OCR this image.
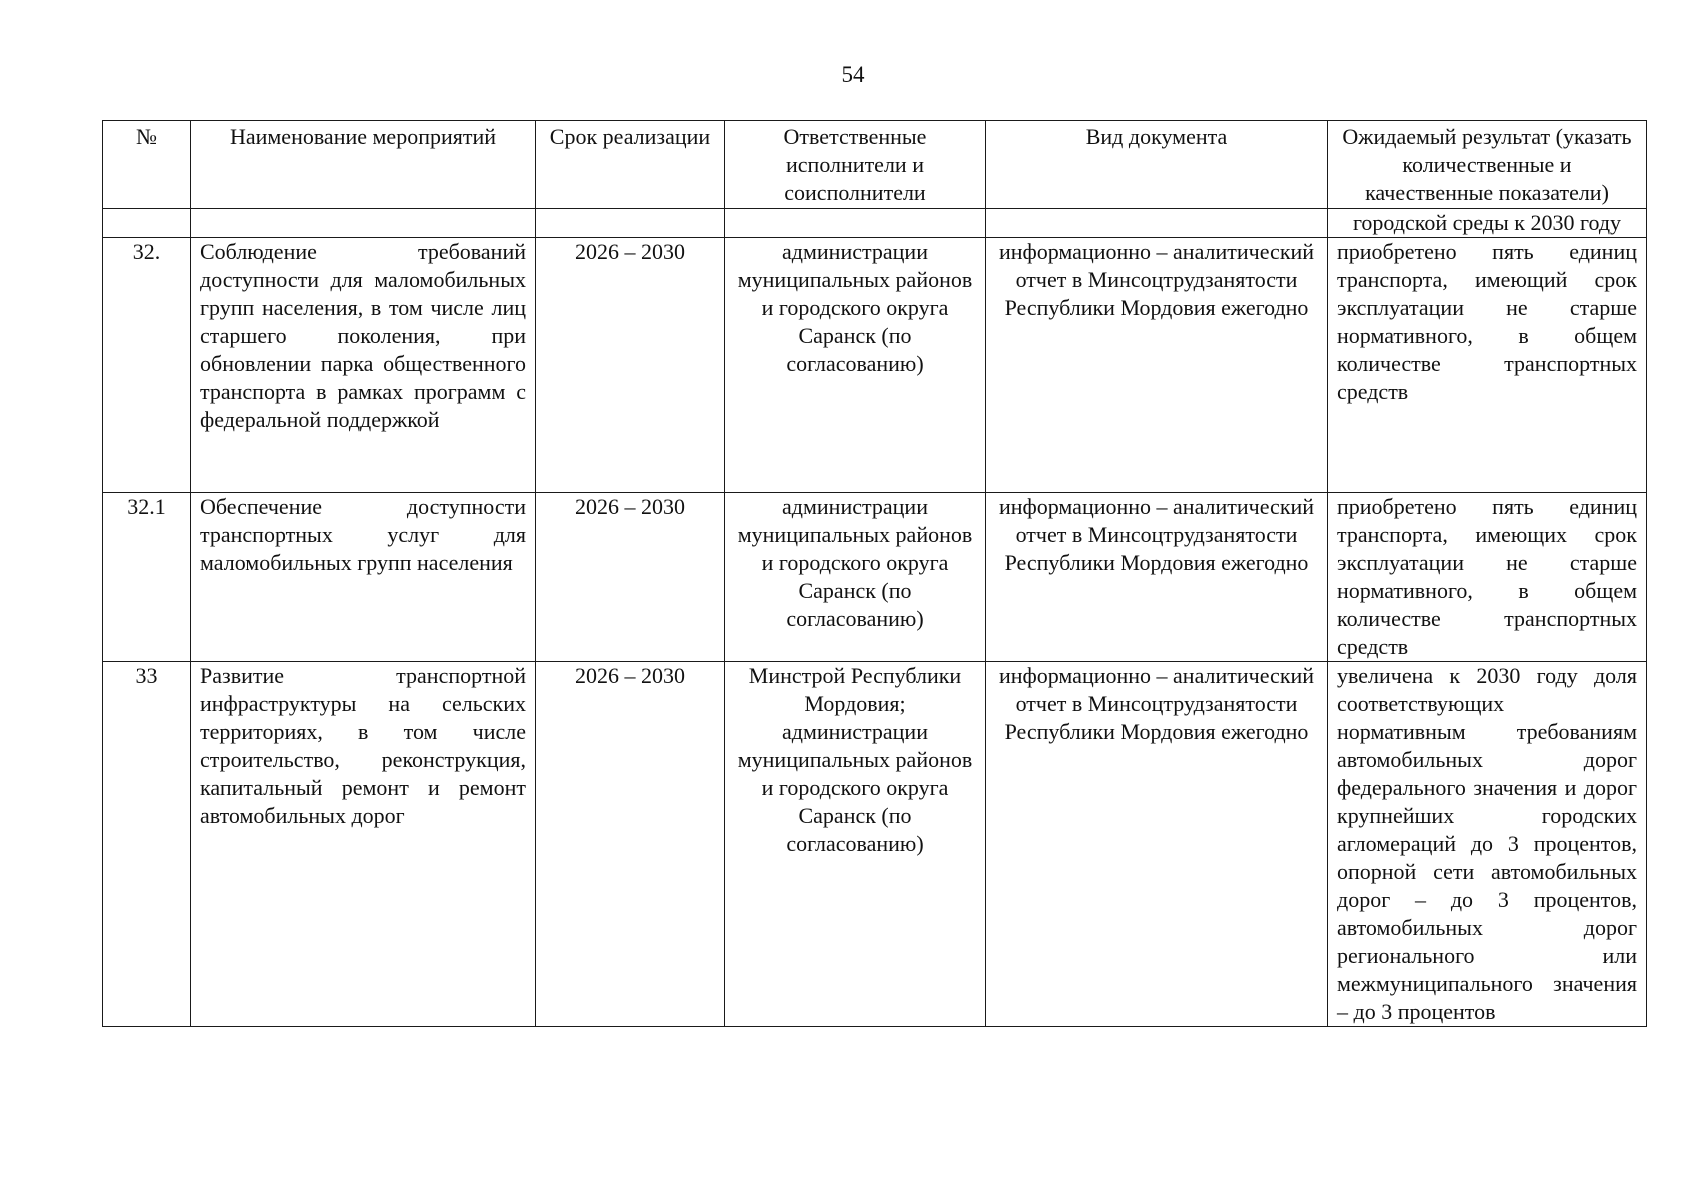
54
№	Наименование мероприятий	Срок реализации	Ответственные исполнители и соисполнители	Вид документа	Ожидаемый результат (указать количественные и качественные показатели)
					городской среды к 2030 году
32.	Соблюдение требований доступности для маломобильных групп населения, в том числе лиц старшего поколения, при обновлении парка общественного транспорта в рамках программ с федеральной поддержкой	2026 – 2030	администрации муниципальных районов и городского округа Саранск (по согласованию)	информационно – аналитический отчет в Минсоцтрудзанятости Республики Мордовия ежегодно	приобретено пять единиц транспорта, имеющий срок эксплуатации не старше нормативного, в общем количестве транспортных средств
32.1	Обеспечение доступности транспортных услуг для маломобильных групп населения	2026 – 2030	администрации муниципальных районов и городского округа Саранск (по согласованию)	информационно – аналитический отчет в Минсоцтрудзанятости Республики Мордовия ежегодно	приобретено пять единиц транспорта, имеющих срок эксплуатации не старше нормативного, в общем количестве транспортных средств
33	Развитие транспортной инфраструктуры на сельских территориях, в том числе строительство, реконструкция, капитальный ремонт и ремонт автомобильных дорог	2026 – 2030	Минстрой Республики Мордовия; администрации муниципальных районов и городского округа Саранск (по согласованию)	информационно – аналитический отчет в Минсоцтрудзанятости Республики Мордовия ежегодно	увеличена к 2030 году доля соответствующих нормативным требованиям автомобильных дорог федерального значения и дорог крупнейших городских агломераций до 3 процентов, опорной сети автомобильных дорог – до 3 процентов, автомобильных дорог регионального или межмуниципального значения – до 3 процентов
